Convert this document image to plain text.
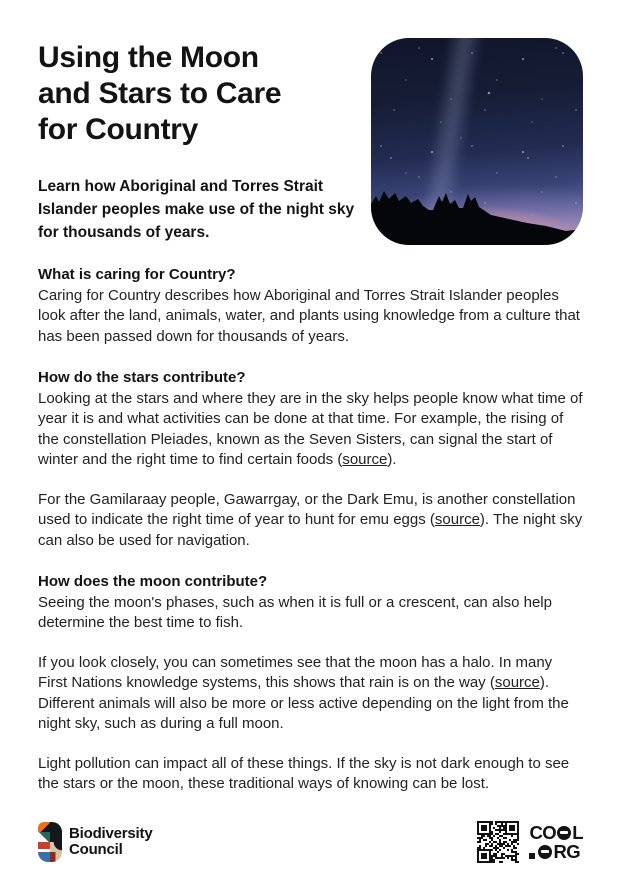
Using the Moon and Stars to Care for Country

Learn how Aboriginal and Torres Strait Islander peoples make use of the night sky for thousands of years.

What is caring for Country?

Caring for Country describes how Aboriginal and Torres Strait Islander peoples look after the land, animals, water, and plants using knowledge from a culture that has been passed down for thousands of years.

How do the stars contribute?

Looking at the stars and where they are in the sky helps people know what time of year it is and what activities can be done at that time. For example, the rising of the constellation Pleiades, known as the Seven Sisters, can signal the start of winter and the right time to find certain foods (source).

For the Gamilaraay people, Gawarrgay, or the Dark Emu, is another constellation used to indicate the right time of year to hunt for emu eggs (source). The night sky can also be used for navigation.

How does the moon contribute?

Seeing the moon's phases, such as when it is full or a crescent, can also help determine the best time to fish.

If you look closely, you can sometimes see that the moon has a halo. In many First Nations knowledge systems, this shows that rain is on the way (source). Different animals will also be more or less active depending on the light from the night sky, such as during a full moon.

Light pollution can impact all of these things. If the sky is not dark enough to see the stars or the moon, these traditional ways of knowing can be lost.

Biodiversity
Council
CO L
RG
